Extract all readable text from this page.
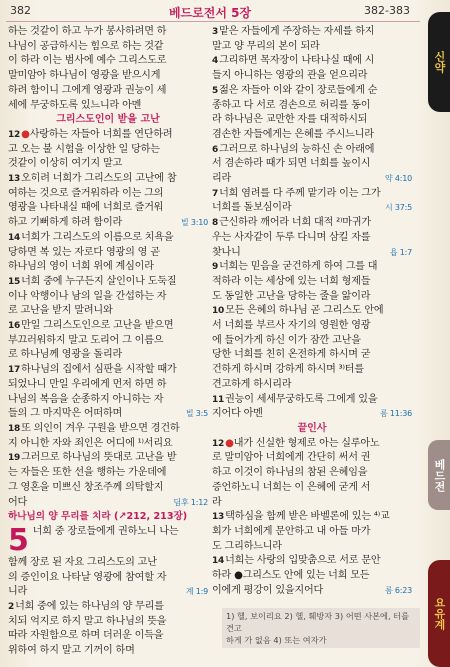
382	베드로전서 5장	382-383
하는 것같이 하고 누가 봉사하려면 하
나님이 공급하시는 힘으로 하는 것같
이 하라 이는 범사에 예수 그리스도로
말미암아 하나님이 영광을 받으시게
하려 함이니 그에게 영광과 권능이 세
세에 무궁하도록 있느니라 아멘
그리스도인이 받을 고난
12●사랑하는 자들아 너희를 연단하려
고 오는 불 시험을 이상한 일 당하는
것같이 이상히 여기지 말고
13오히려 너희가 그리스도의 고난에 참
여하는 것으로 즐거워하라 이는 그의
영광을 나타내실 때에 너희로 즐거워
빌 3:10
하고 기뻐하게 하려 함이라
14너희가 그리스도의 이름으로 치욕을
당하면 복 있는 자로다 영광의 영 곧
하나님의 영이 너희 위에 계심이라
15너희 중에 누구든지 살인이나 도둑질
이나 악행이나 남의 일을 간섭하는 자
로 고난을 받지 말려니와
16만일 그리스도인으로 고난을 받으면
부끄러워하지 말고 도리어 그 이름으
로 하나님께 영광을 돌리라
17하나님의 집에서 심판을 시작할 때가
되었나니 만일 우리에게 먼저 하면 하
나님의 복음을 순종하지 아니하는 자
빌 3:5
들의 그 마지막은 어떠하며
18또 의인이 겨우 구원을 받으면 경건하
지 아니한 자와 죄인은 어디에 ¹⁾서리요
19그러므로 하나님의 뜻대로 고난을 받
는 자들은 또한 선을 행하는 가운데에
그 영혼을 미쁘신 창조주께 의탁할지
딤후 1:12
어다
하나님의 양 무리를 치라 (↗212, 213장)
5 너희 중 장로들에게 권하노니 나는
함께 장로 된 자요 그리스도의 고난
의 증인이요 나타날 영광에 참여할 자
계 1:9
니라
2너희 중에 있는 하나님의 양 무리를
치되 억지로 하지 말고 하나님의 뜻을
따라 자원함으로 하며 더러운 이득을
위하여 하지 말고 기꺼이 하며
3맡은 자들에게 주장하는 자세를 하지
말고 양 무리의 본이 되라
4그리하면 목자장이 나타나실 때에 시
들지 아니하는 영광의 관을 얻으리라
5젊은 자들아 이와 같이 장로들에게 순
종하고 다 서로 겸손으로 허리를 동이
라 하나님은 교만한 자를 대적하시되
겸손한 자들에게는 은혜를 주시느니라
6그러므로 하나님의 능하신 손 아래에
서 겸손하라 때가 되면 너희를 높이시
약 4:10
리라
7너희 염려를 다 주께 맡기라 이는 그가
시 37:5
너희를 돌보심이라
8근신하라 깨어라 너희 대적 ²⁾마귀가
우는 사자같이 두루 다니며 삼킬 자를
욥 1:7
찾나니
9너희는 믿음을 굳건하게 하여 그를 대
적하라 이는 세상에 있는 너희 형제들
도 동일한 고난을 당하는 줄을 앎이라
10모든 은혜의 하나님 곧 그리스도 안에
서 너희를 부르사 자기의 영원한 영광
에 들어가게 하신 이가 잠깐 고난을
당한 너희를 친히 온전하게 하시며 굳
건하게 하시며 강하게 하시며 ³⁾터를
견고하게 하시리라
11권능이 세세무궁하도록 그에게 있을
롬 11:36
지어다 아멘
끝인사
12●내가 신실한 형제로 아는 실루아노
로 말미암아 너희에게 간단히 써서 권
하고 이것이 하나님의 참된 은혜임을
증언하노니 너희는 이 은혜에 굳게 서
라
13택하심을 함께 받은 바벨론에 있는 ⁴⁾교
회가 너희에게 문안하고 내 아들 마가
도 그리하느니라
14너희는 사랑의 입맞춤으로 서로 문안
하라 ●그리스도 안에 있는 너희 모든
롬 6:23
이에게 평강이 있을지어다
1) 헬, 보이리요 2) 헬, 훼방자 3) 어떤 사본에, 터를 견고
하게 가 없음 4) 또는 여자가
신약
베드전
요유계
